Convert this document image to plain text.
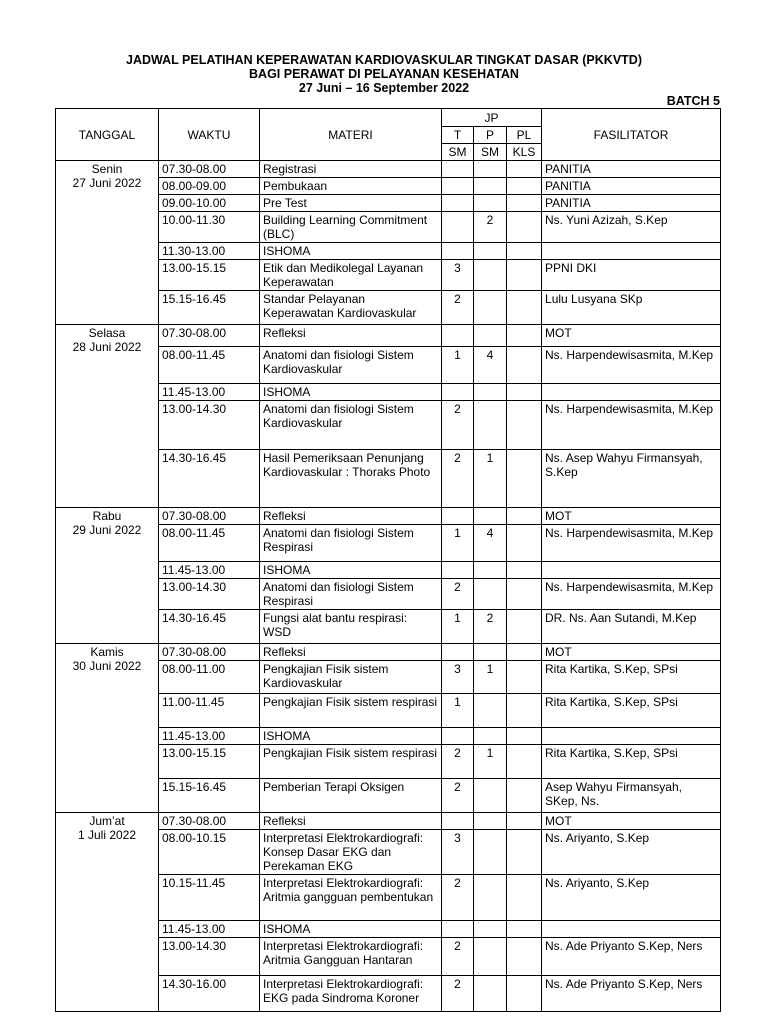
JADWAL PELATIHAN KEPERAWATAN KARDIOVASKULAR TINGKAT DASAR (PKKVTD)
BAGI PERAWAT DI PELAYANAN KESEHATAN
27 Juni – 16 September 2022
BATCH 5
TANGGAL	WAKTU	MATERI	JP			FASILITATOR
			T	P	PL	
			SM	SM	KLS	

Senin
27 Juni 2022	07.30-08.00	Registrasi				PANITIA
	08.00-09.00	Pembukaan				PANITIA
	09.00-10.00	Pre Test				PANITIA
	10.00-11.30	Building Learning Commitment (BLC)		2		Ns. Yuni Azizah, S.Kep
	11.30-13.00	ISHOMA				
	13.00-15.15	Etik dan Medikolegal Layanan Keperawatan	3			PPNI DKI
	15.15-16.45	Standar Pelayanan Keperawatan Kardiovaskular	2			Lulu Lusyana SKp

Selasa
28 Juni 2022	07.30-08.00	Refleksi				MOT
	08.00-11.45	Anatomi dan fisiologi Sistem Kardiovaskular	1	4		Ns. Harpendewisasmita, M.Kep
	11.45-13.00	ISHOMA				
	13.00-14.30	Anatomi dan fisiologi Sistem Kardiovaskular	2			Ns. Harpendewisasmita, M.Kep
	14.30-16.45	Hasil Pemeriksaan Penunjang Kardiovaskular : Thoraks Photo	2	1		Ns. Asep Wahyu Firmansyah, S.Kep

Rabu
29 Juni 2022	07.30-08.00	Refleksi				MOT
	08.00-11.45	Anatomi dan fisiologi Sistem Respirasi	1	4		Ns. Harpendewisasmita, M.Kep
	11.45-13.00	ISHOMA				
	13.00-14.30	Anatomi dan fisiologi Sistem Respirasi	2			Ns. Harpendewisasmita, M.Kep
	14.30-16.45	Fungsi alat bantu respirasi: WSD	1	2		DR. Ns. Aan Sutandi, M.Kep

Kamis
30 Juni 2022	07.30-08.00	Refleksi				MOT
	08.00-11.00	Pengkajian Fisik sistem Kardiovaskular	3	1		Rita Kartika, S.Kep, SPsi
	11.00-11.45	Pengkajian Fisik sistem respirasi	1			Rita Kartika, S.Kep, SPsi
	11.45-13.00	ISHOMA				
	13.00-15.15	Pengkajian Fisik sistem respirasi	2	1		Rita Kartika, S.Kep, SPsi
	15.15-16.45	Pemberian Terapi Oksigen	2			Asep Wahyu Firmansyah, SKep, Ns.

Jum’at
1 Juli 2022	07.30-08.00	Refleksi				MOT
	08.00-10.15	Interpretasi Elektrokardiografi: Konsep Dasar EKG dan Perekaman EKG	3			Ns. Ariyanto, S.Kep
	10.15-11.45	Interpretasi Elektrokardiografi: Aritmia gangguan pembentukan	2			Ns. Ariyanto, S.Kep
	11.45-13.00	ISHOMA				
	13.00-14.30	Interpretasi Elektrokardiografi: Aritmia Gangguan Hantaran	2			Ns. Ade Priyanto S.Kep, Ners
	14.30-16.00	Interpretasi Elektrokardiografi: EKG pada Sindroma Koroner	2			Ns. Ade Priyanto S.Kep, Ners
